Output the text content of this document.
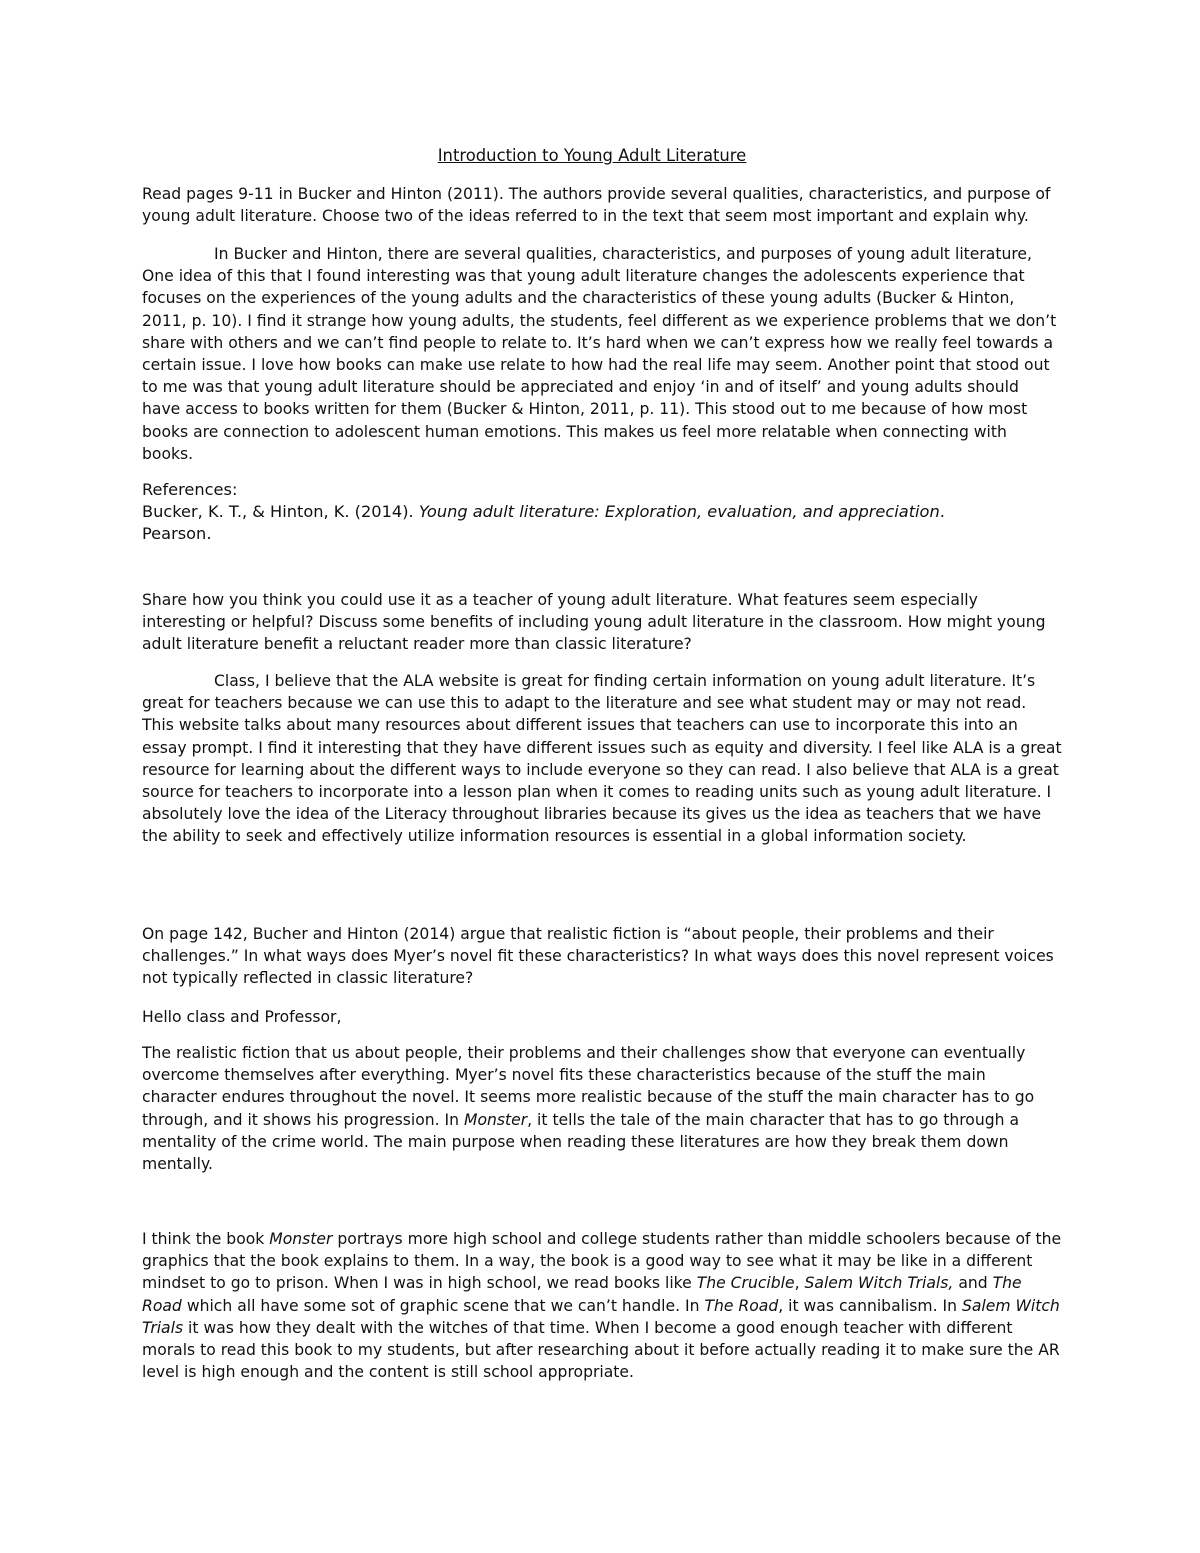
Introduction to Young Adult Literature

Read pages 9-11 in Bucker and Hinton (2011). The authors provide several qualities, characteristics, and purpose of young adult literature. Choose two of the ideas referred to in the text that seem most important and explain why.

In Bucker and Hinton, there are several qualities, characteristics, and purposes of young adult literature, One idea of this that I found interesting was that young adult literature changes the adolescents experience that focuses on the experiences of the young adults and the characteristics of these young adults (Bucker & Hinton, 2011, p. 10). I find it strange how young adults, the students, feel different as we experience problems that we don’t share with others and we can’t find people to relate to. It’s hard when we can’t express how we really feel towards a certain issue. I love how books can make use relate to how had the real life may seem. Another point that stood out to me was that young adult literature should be appreciated and enjoy ‘in and of itself’ and young adults should have access to books written for them (Bucker & Hinton, 2011, p. 11). This stood out to me because of how most books are connection to adolescent human emotions. This makes us feel more relatable when connecting with books.

References:
Bucker, K. T., & Hinton, K. (2014). Young adult literature: Exploration, evaluation, and appreciation.
Pearson.

Share how you think you could use it as a teacher of young adult literature. What features seem especially interesting or helpful? Discuss some benefits of including young adult literature in the classroom. How might young adult literature benefit a reluctant reader more than classic literature?

Class, I believe that the ALA website is great for finding certain information on young adult literature. It’s great for teachers because we can use this to adapt to the literature and see what student may or may not read. This website talks about many resources about different issues that teachers can use to incorporate this into an essay prompt. I find it interesting that they have different issues such as equity and diversity. I feel like ALA is a great resource for learning about the different ways to include everyone so they can read. I also believe that ALA is a great source for teachers to incorporate into a lesson plan when it comes to reading units such as young adult literature. I absolutely love the idea of the Literacy throughout libraries because its gives us the idea as teachers that we have the ability to seek and effectively utilize information resources is essential in a global information society.

On page 142, Bucher and Hinton (2014) argue that realistic fiction is “about people, their problems and their challenges.” In what ways does Myer’s novel fit these characteristics? In what ways does this novel represent voices not typically reflected in classic literature?

Hello class and Professor,

The realistic fiction that us about people, their problems and their challenges show that everyone can eventually overcome themselves after everything. Myer’s novel fits these characteristics because of the stuff the main character endures throughout the novel. It seems more realistic because of the stuff the main character has to go through, and it shows his progression. In Monster, it tells the tale of the main character that has to go through a mentality of the crime world. The main purpose when reading these literatures are how they break them down mentally.

I think the book Monster portrays more high school and college students rather than middle schoolers because of the graphics that the book explains to them. In a way, the book is a good way to see what it may be like in a different mindset to go to prison. When I was in high school, we read books like The Crucible, Salem Witch Trials, and The Road which all have some sot of graphic scene that we can’t handle. In The Road, it was cannibalism. In Salem Witch Trials it was how they dealt with the witches of that time. When I become a good enough teacher with different morals to read this book to my students, but after researching about it before actually reading it to make sure the AR level is high enough and the content is still school appropriate.
